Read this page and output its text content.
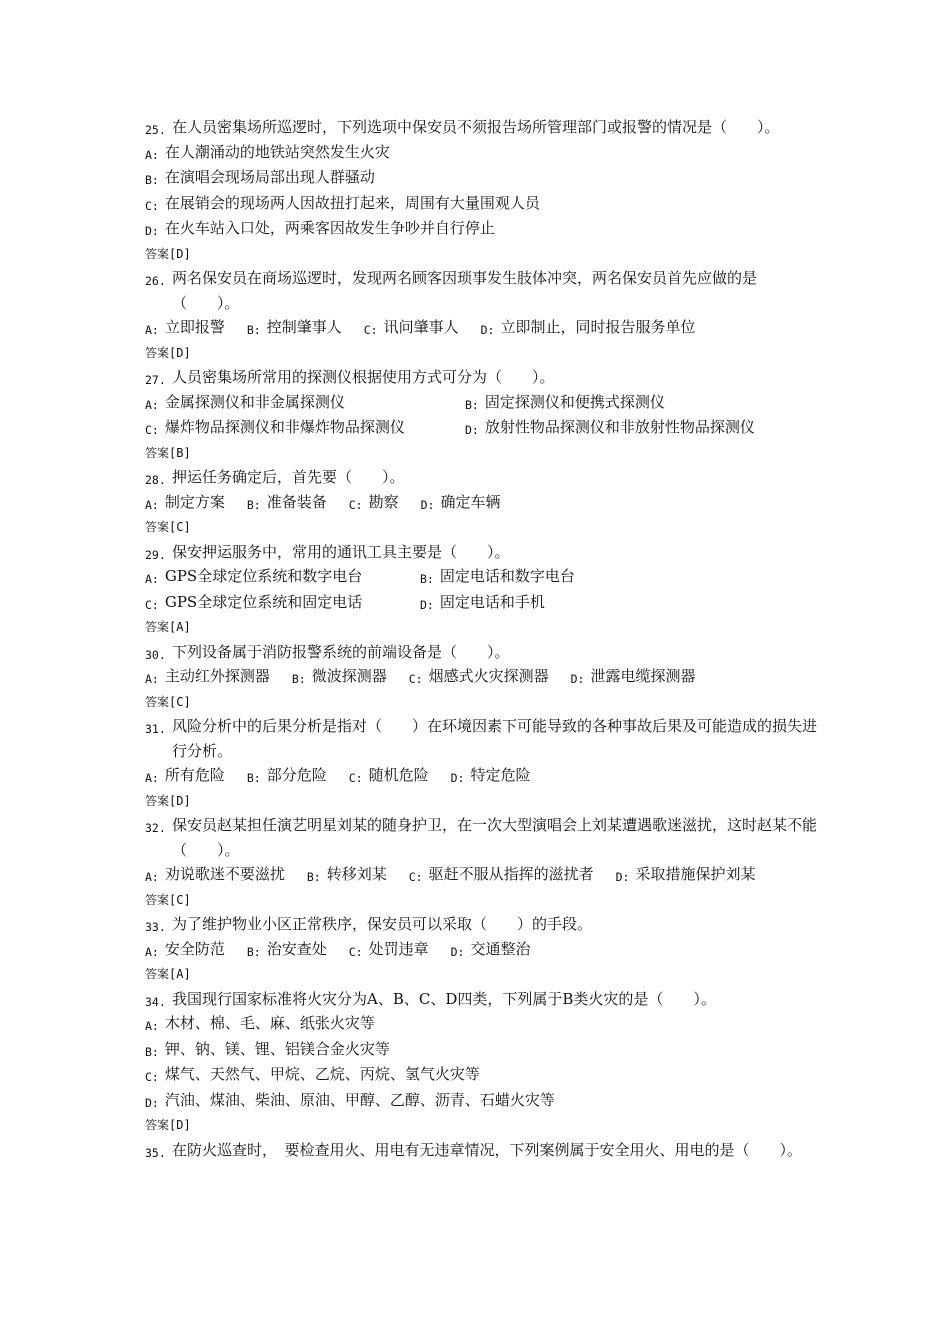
25. 在人员密集场所巡逻时，下列选项中保安员不须报告场所管理部门或报警的情况是（　　）。
A: 在人潮涌动的地铁站突然发生火灾
B: 在演唱会现场局部出现人群骚动
C: 在展销会的现场两人因故扭打起来，周围有大量围观人员
D: 在火车站入口处，两乘客因故发生争吵并自行停止
答案[D]
26. 两名保安员在商场巡逻时，发现两名顾客因琐事发生肢体冲突，两名保安员首先应做的是（　　）。
A: 立即报警 B: 控制肇事人 C: 讯问肇事人 D: 立即制止，同时报告服务单位
答案[D]
27. 人员密集场所常用的探测仪根据使用方式可分为（　　）。
A: 金属探测仪和非金属探测仪	B: 固定探测仪和便携式探测仪
C: 爆炸物品探测仪和非爆炸物品探测仪	D: 放射性物品探测仪和非放射性物品探测仪

答案[B]
28. 押运任务确定后，首先要（　　）。
A: 制定方案 B: 准备装备 C: 勘察 D: 确定车辆
答案[C]
29. 保安押运服务中，常用的通讯工具主要是（　　）。
A: GPS全球定位系统和数字电台	B: 固定电话和数字电台
C: GPS全球定位系统和固定电话	D: 固定电话和手机

答案[A]
30. 下列设备属于消防报警系统的前端设备是（　　）。
A: 主动红外探测器 B: 微波探测器 C: 烟感式火灾探测器 D: 泄露电缆探测器
答案[C]
31. 风险分析中的后果分析是指对（　　）在环境因素下可能导致的各种事故后果及可能造成的损失进行分析。
A: 所有危险 B: 部分危险 C: 随机危险 D: 特定危险
答案[D]
32. 保安员赵某担任演艺明星刘某的随身护卫，在一次大型演唱会上刘某遭遇歌迷滋扰，这时赵某不能（　　）。
A: 劝说歌迷不要滋扰 B: 转移刘某 C: 驱赶不服从指挥的滋扰者 D: 采取措施保护刘某
答案[C]
33. 为了维护物业小区正常秩序，保安员可以采取（　　）的手段。
A: 安全防范 B: 治安查处 C: 处罚违章 D: 交通整治
答案[A]
34. 我国现行国家标准将火灾分为A、B、C、D四类，下列属于B类火灾的是（　　）。
A: 木材、棉、毛、麻、纸张火灾等
B: 钾、钠、镁、锂、铝镁合金火灾等
C: 煤气、天然气、甲烷、乙烷、丙烷、氢气火灾等
D: 汽油、煤油、柴油、原油、甲醇、乙醇、沥青、石蜡火灾等
答案[D]
35. 在防火巡查时，　要检查用火、用电有无违章情况，下列案例属于安全用火、用电的是（　　）。
